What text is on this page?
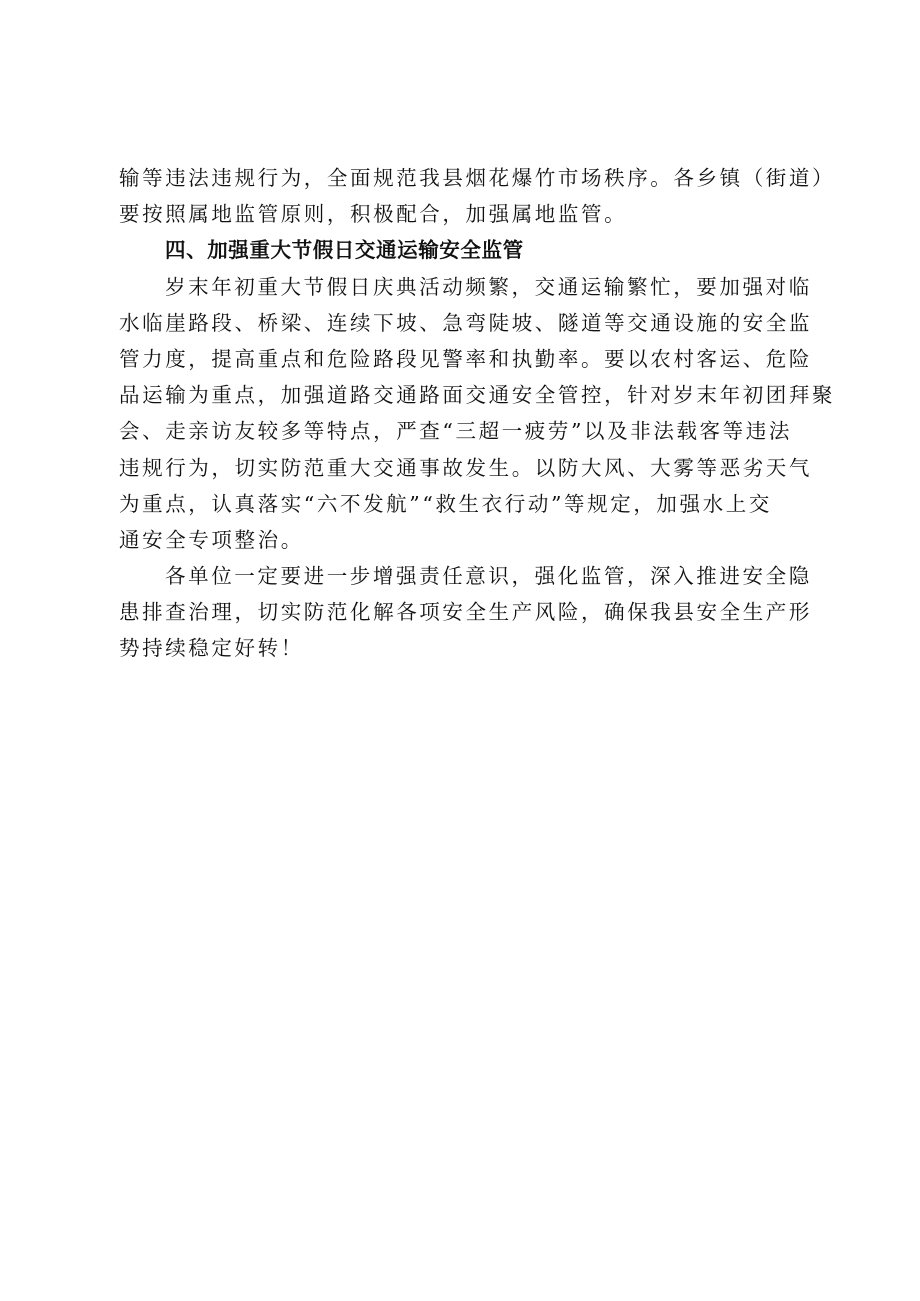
输等违法违规行为，全面规范我县烟花爆竹市场秩序。各乡镇（街道）
要按照属地监管原则，积极配合，加强属地监管。

四、加强重大节假日交通运输安全监管

岁末年初重大节假日庆典活动频繁，交通运输繁忙，要加强对临
水临崖路段、桥梁、连续下坡、急弯陡坡、隧道等交通设施的安全监
管力度，提高重点和危险路段见警率和执勤率。要以农村客运、危险
品运输为重点，加强道路交通路面交通安全管控，针对岁末年初团拜聚
会、走亲访友较多等特点，严查“三超一疲劳”以及非法载客等违法
违规行为，切实防范重大交通事故发生。以防大风、大雾等恶劣天气
为重点，认真落实“六不发航”“救生衣行动”等规定，加强水上交
通安全专项整治。

各单位一定要进一步增强责任意识，强化监管，深入推进安全隐
患排查治理，切实防范化解各项安全生产风险，确保我县安全生产形
势持续稳定好转！
